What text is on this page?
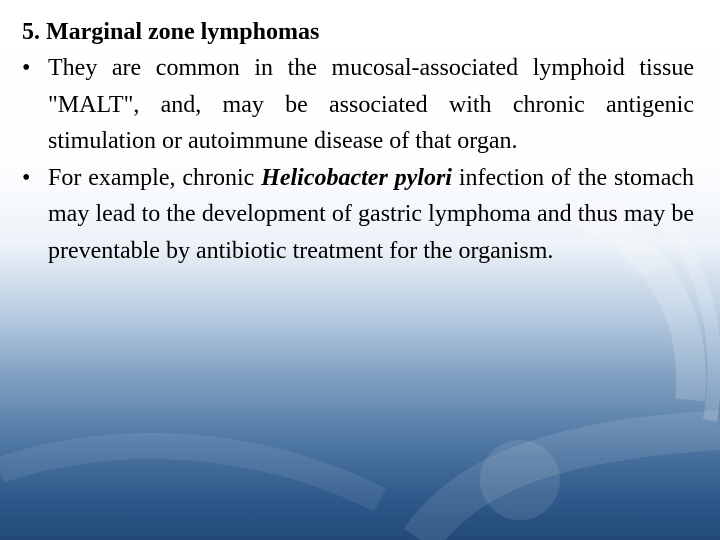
5. Marginal zone lymphomas

• They are common in the mucosal-associated lymphoid tissue "MALT", and, may be associated with chronic antigenic stimulation or autoimmune disease of that organ.

• For example, chronic Helicobacter pylori infection of the stomach may lead to the development of gastric lymphoma and thus may be preventable by antibiotic treatment for the organism.
